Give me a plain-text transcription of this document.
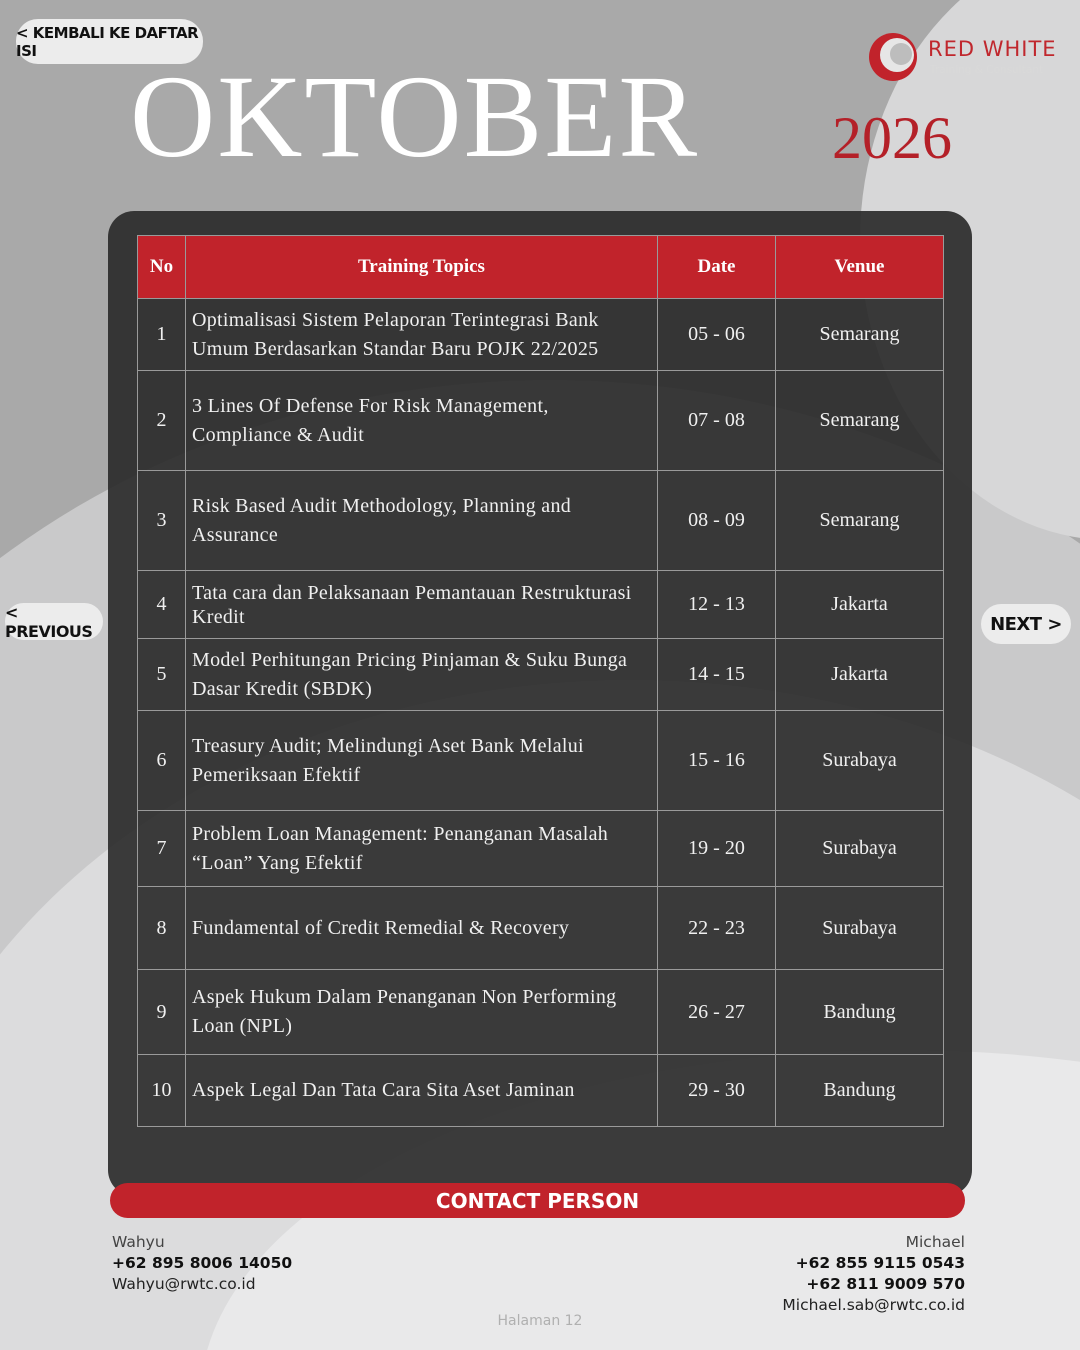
< KEMBALI KE DAFTAR ISI	RED WHITE
Training & Consultant
OKTOBER 2026
No	Training Topics	Date	Venue
1	Optimalisasi Sistem Pelaporan Terintegrasi Bank Umum Berdasarkan Standar Baru POJK 22/2025	05 - 06	Semarang
2	3 Lines Of Defense For Risk Management, Compliance & Audit	07 - 08	Semarang
3	Risk Based Audit Methodology, Planning and Assurance	08 - 09	Semarang
4	Tata cara dan Pelaksanaan Pemantauan Restrukturasi Kredit	12 - 13	Jakarta
5	Model Perhitungan Pricing Pinjaman & Suku Bunga Dasar Kredit (SBDK)	14 - 15	Jakarta
6	Treasury Audit; Melindungi Aset Bank Melalui Pemeriksaan Efektif	15 - 16	Surabaya
7	Problem Loan Management: Penanganan Masalah “Loan” Yang Efektif	19 - 20	Surabaya
8	Fundamental of Credit Remedial & Recovery	22 - 23	Surabaya
9	Aspek Hukum Dalam Penanganan Non Performing Loan (NPL)	26 - 27	Bandung
10	Aspek Legal Dan Tata Cara Sita Aset Jaminan	29 - 30	Bandung
< PREVIOUS	NEXT >
CONTACT PERSON
Wahyu
+62 895 8006 14050
Wahyu@rwtc.co.id
Michael
+62 855 9115 0543
+62 811 9009 570
Michael.sab@rwtc.co.id
Halaman 12
